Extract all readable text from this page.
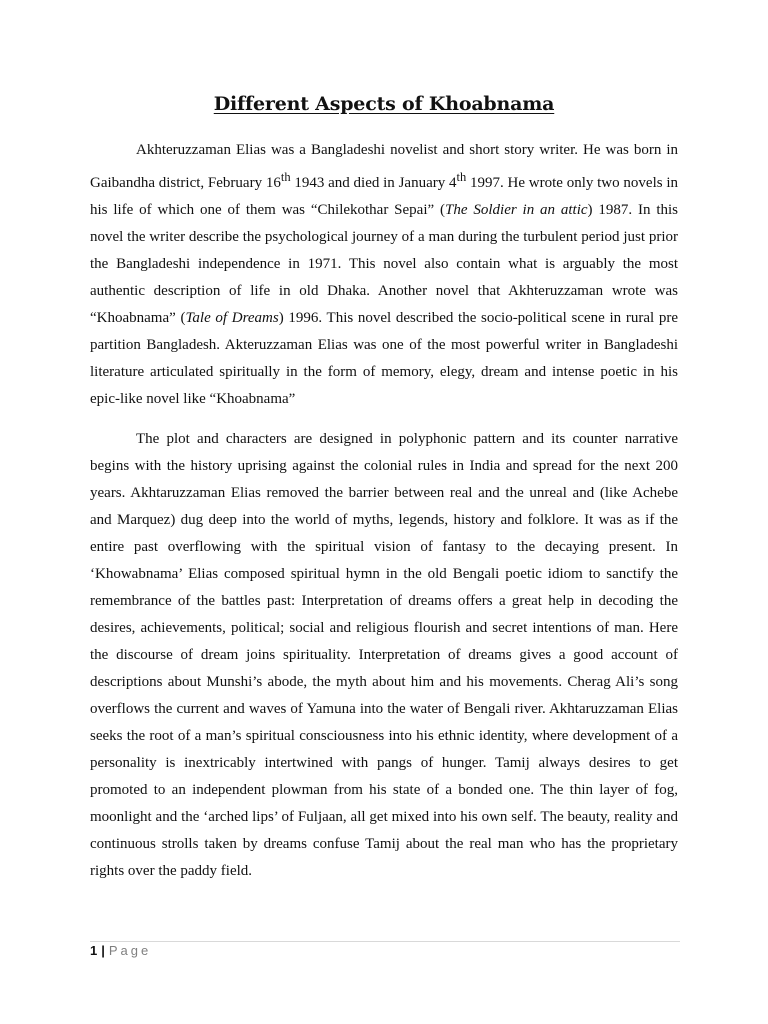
Different Aspects of Khoabnama

Akhteruzzaman Elias was a Bangladeshi novelist and short story writer. He was born in Gaibandha district, February 16th 1943 and died in January 4th 1997. He wrote only two novels in his life of which one of them was “Chilekothar Sepai” (The Soldier in an attic) 1987. In this novel the writer describe the psychological journey of a man during the turbulent period just prior the Bangladeshi independence in 1971. This novel also contain what is arguably the most authentic description of life in old Dhaka. Another novel that Akhteruzzaman wrote was “Khoabnama” (Tale of Dreams) 1996. This novel described the socio-political scene in rural pre partition Bangladesh. Akteruzzaman Elias was one of the most powerful writer in Bangladeshi literature articulated spiritually in the form of memory, elegy, dream and intense poetic in his epic-like novel like “Khoabnama”

The plot and characters are designed in polyphonic pattern and its counter narrative begins with the history uprising against the colonial rules in India and spread for the next 200 years. Akhtaruzzaman Elias removed the barrier between real and the unreal and (like Achebe and Marquez) dug deep into the world of myths, legends, history and folklore. It was as if the entire past overflowing with the spiritual vision of fantasy to the decaying present. In ‘Khowabnama’ Elias composed spiritual hymn in the old Bengali poetic idiom to sanctify the remembrance of the battles past: Interpretation of dreams offers a great help in decoding the desires, achievements, political; social and religious flourish and secret intentions of man. Here the discourse of dream joins spirituality. Interpretation of dreams gives a good account of descriptions about Munshi’s abode, the myth about him and his movements. Cherag Ali’s song overflows the current and waves of Yamuna into the water of Bengali river. Akhtaruzzaman Elias seeks the root of a man’s spiritual consciousness into his ethnic identity, where development of a personality is inextricably intertwined with pangs of hunger. Tamij always desires to get promoted to an independent plowman from his state of a bonded one. The thin layer of fog, moonlight and the ‘arched lips’ of Fuljaan, all get mixed into his own self. The beauty, reality and continuous strolls taken by dreams confuse Tamij about the real man who has the proprietary rights over the paddy field.

1 | Page
